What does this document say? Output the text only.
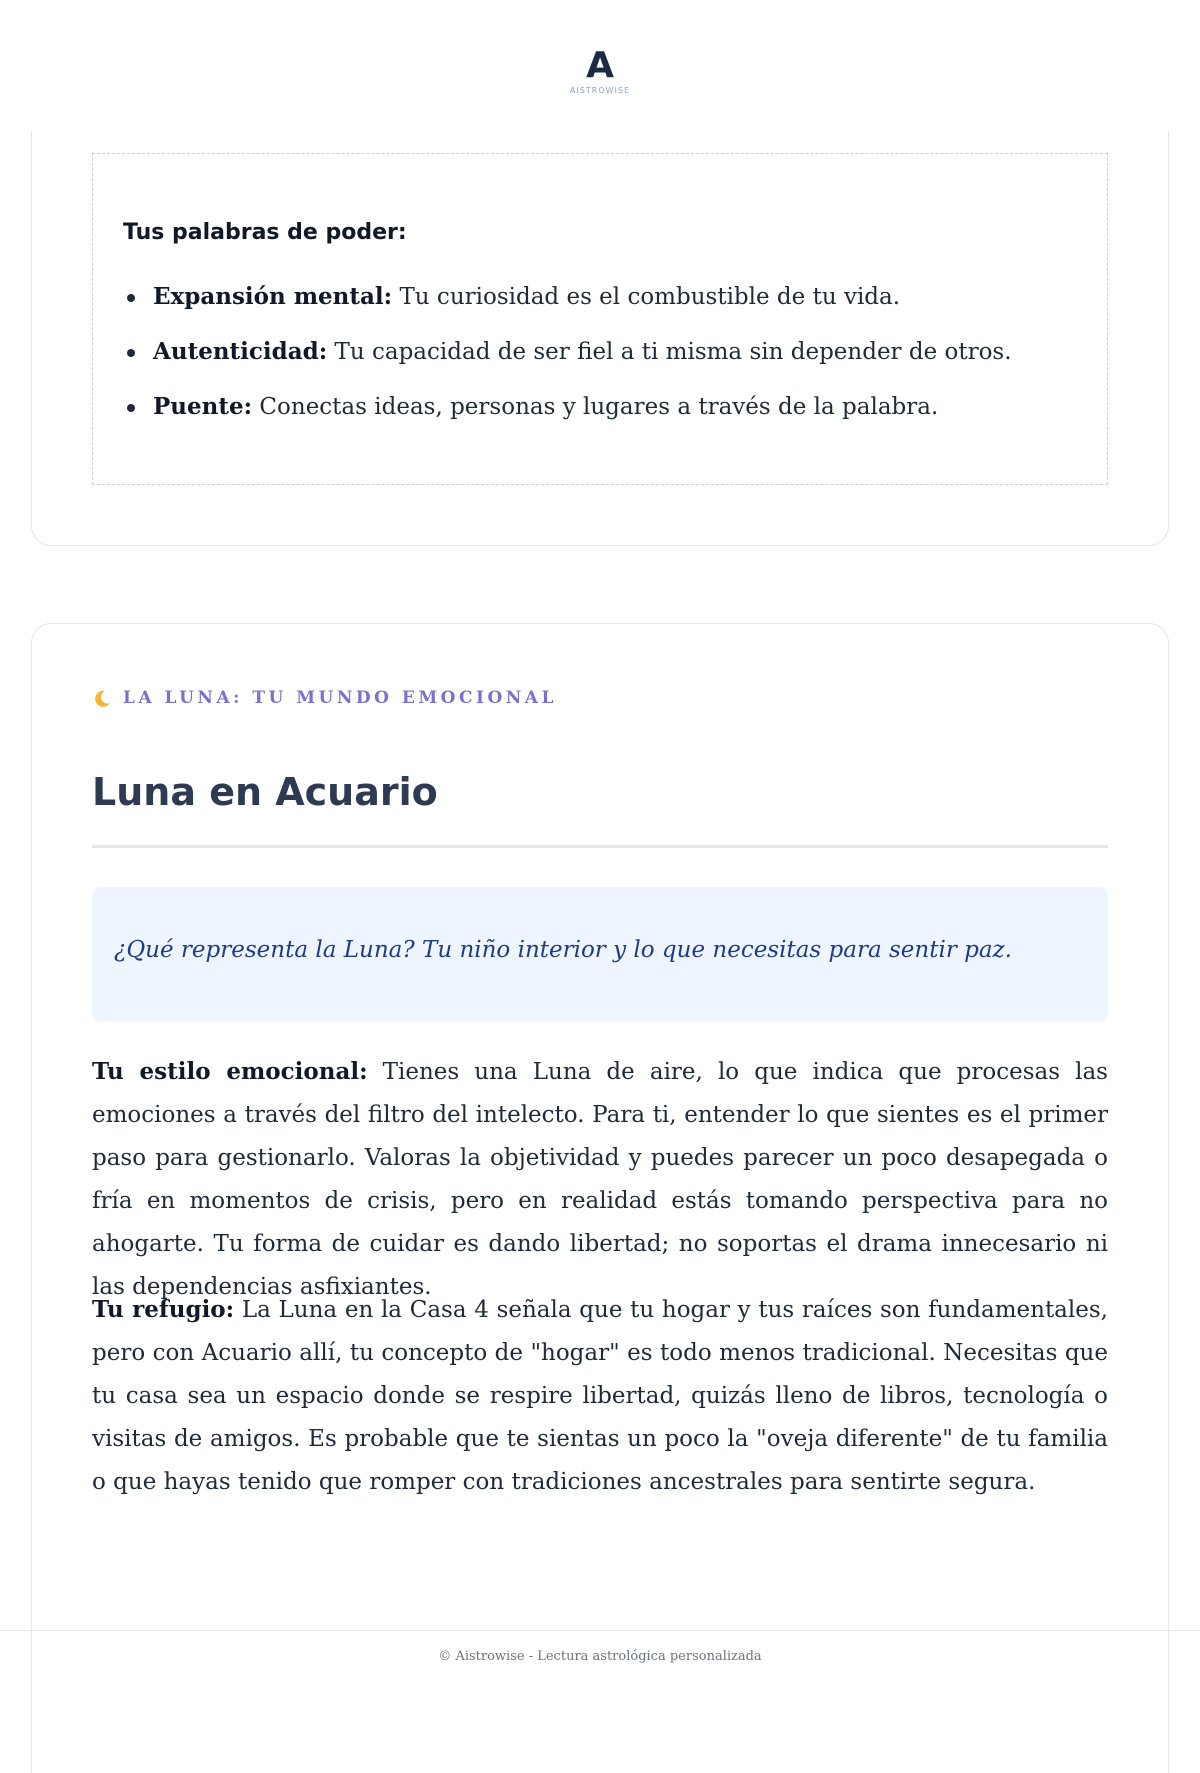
A
AISTROWISE
Tus palabras de poder:
Expansión mental: Tu curiosidad es el combustible de tu vida.
Autenticidad: Tu capacidad de ser fiel a ti misma sin depender de otros.
Puente: Conectas ideas, personas y lugares a través de la palabra.
LA LUNA: TU MUNDO EMOCIONAL
Luna en Acuario
¿Qué representa la Luna? Tu niño interior y lo que necesitas para sentir paz.

Tu estilo emocional: Tienes una Luna de aire, lo que indica que procesas las emociones a través del filtro del intelecto. Para ti, entender lo que sientes es el primer paso para gestionarlo. Valoras la objetividad y puedes parecer un poco desapegada o fría en momentos de crisis, pero en realidad estás tomando perspectiva para no ahogarte. Tu forma de cuidar es dando libertad; no soportas el drama innecesario ni las dependencias asfixiantes.

Tu refugio: La Luna en la Casa 4 señala que tu hogar y tus raíces son fundamentales, pero con Acuario allí, tu concepto de "hogar" es todo menos tradicional. Necesitas que tu casa sea un espacio donde se respire libertad, quizás lleno de libros, tecnología o visitas de amigos. Es probable que te sientas un poco la "oveja diferente" de tu familia o que hayas tenido que romper con tradiciones ancestrales para sentirte segura.

© Aistrowise - Lectura astrológica personalizada
